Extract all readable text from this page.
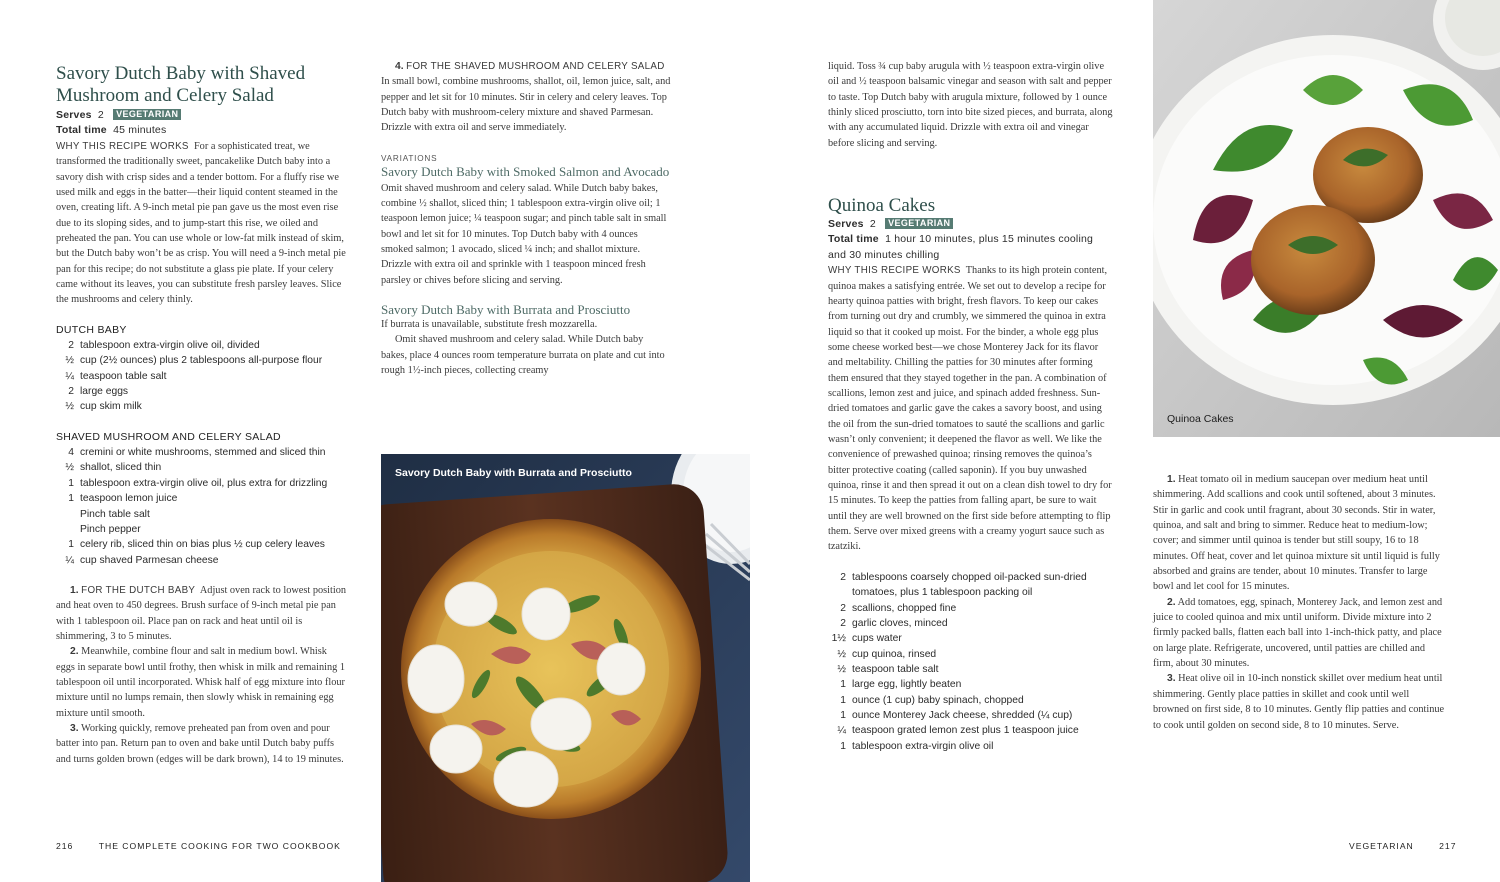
Savory Dutch Baby with Shaved Mushroom and Celery Salad
Serves 2 VEGETARIAN
Total time 45 minutes
WHY THIS RECIPE WORKS For a sophisticated treat, we transformed the traditionally sweet, pancakelike Dutch baby into a savory dish with crisp sides and a tender bottom. For a fluffy rise we used milk and eggs in the batter—their liquid content steamed in the oven, creating lift. A 9-inch metal pie pan gave us the most even rise due to its sloping sides, and to jump-start this rise, we oiled and preheated the pan. You can use whole or low-fat milk instead of skim, but the Dutch baby won’t be as crisp. You will need a 9-inch metal pie pan for this recipe; do not substitute a glass pie plate. If your celery came without its leaves, you can substitute fresh parsley leaves. Slice the mushrooms and celery thinly.
DUTCH BABY
2 tablespoon extra-virgin olive oil, divided
½ cup (2½ ounces) plus 2 tablespoons all-purpose flour
¼ teaspoon table salt
2 large eggs
½ cup skim milk
SHAVED MUSHROOM AND CELERY SALAD
4 cremini or white mushrooms, stemmed and sliced thin
½ shallot, sliced thin
1 tablespoon extra-virgin olive oil, plus extra for drizzling
1 teaspoon lemon juice
Pinch table salt
Pinch pepper
1 celery rib, sliced thin on bias plus ½ cup celery leaves
¼ cup shaved Parmesan cheese
1. FOR THE DUTCH BABY Adjust oven rack to lowest position and heat oven to 450 degrees. Brush surface of 9-inch metal pie pan with 1 tablespoon oil. Place pan on rack and heat until oil is shimmering, 3 to 5 minutes.
2. Meanwhile, combine flour and salt in medium bowl. Whisk eggs in separate bowl until frothy, then whisk in milk and remaining 1 tablespoon oil until incorporated. Whisk half of egg mixture into flour mixture until no lumps remain, then slowly whisk in remaining egg mixture until smooth.
3. Working quickly, remove preheated pan from oven and pour batter into pan. Return pan to oven and bake until Dutch baby puffs and turns golden brown (edges will be dark brown), 14 to 19 minutes.
4. FOR THE SHAVED MUSHROOM AND CELERY SALAD  In small bowl, combine mushrooms, shallot, oil, lemon juice, salt, and pepper and let sit for 10 minutes. Stir in celery and celery leaves. Top Dutch baby with mushroom-celery mixture and shaved Parmesan. Drizzle with extra oil and serve immediately.
VARIATIONS
Savory Dutch Baby with Smoked Salmon and Avocado
Omit shaved mushroom and celery salad. While Dutch baby bakes, combine ½ shallot, sliced thin; 1 tablespoon extra-virgin olive oil; 1 teaspoon lemon juice; ¼ teaspoon sugar; and pinch table salt in small bowl and let sit for 10 minutes. Top Dutch baby with 4 ounces smoked salmon; 1 avocado, sliced ¼ inch; and shallot mixture. Drizzle with extra oil and sprinkle with 1 teaspoon minced fresh parsley or chives before slicing and serving.
Savory Dutch Baby with Burrata and Prosciutto
If burrata is unavailable, substitute fresh mozzarella.
Omit shaved mushroom and celery salad. While Dutch baby bakes, place 4 ounces room temperature burrata on plate and cut into rough 1½-inch pieces, collecting creamy
Savory Dutch Baby with Burrata and Prosciutto
216	THE COMPLETE COOKING FOR TWO COOKBOOK
liquid. Toss ¾ cup baby arugula with ½ teaspoon extra-virgin olive oil and ½ teaspoon balsamic vinegar and season with salt and pepper to taste. Top Dutch baby with arugula mixture, followed by 1 ounce thinly sliced prosciutto, torn into bite sized pieces, and burrata, along with any accumulated liquid. Drizzle with extra oil and vinegar before slicing and serving.
Quinoa Cakes
Serves 2 VEGETARIAN
Total time 1 hour 10 minutes, plus 15 minutes cooling and 30 minutes chilling
WHY THIS RECIPE WORKS Thanks to its high protein content, quinoa makes a satisfying entrée. We set out to develop a recipe for hearty quinoa patties with bright, fresh flavors. To keep our cakes from turning out dry and crumbly, we simmered the quinoa in extra liquid so that it cooked up moist. For the binder, a whole egg plus some cheese worked best—we chose Monterey Jack for its flavor and meltability. Chilling the patties for 30 minutes after forming them ensured that they stayed together in the pan. A combination of scallions, lemon zest and juice, and spinach added freshness. Sun-dried tomatoes and garlic gave the cakes a savory boost, and using the oil from the sun-dried tomatoes to sauté the scallions and garlic wasn’t only convenient; it deepened the flavor as well. We like the convenience of prewashed quinoa; rinsing removes the quinoa’s bitter protective coating (called saponin). If you buy unwashed quinoa, rinse it and then spread it out on a clean dish towel to dry for 15 minutes. To keep the patties from falling apart, be sure to wait until they are well browned on the first side before attempting to flip them. Serve over mixed greens with a creamy yogurt sauce such as tzatziki.
2 tablespoons coarsely chopped oil-packed sun-dried tomatoes, plus 1 tablespoon packing oil
2 scallions, chopped fine
2 garlic cloves, minced
1½ cups water
½ cup quinoa, rinsed
½ teaspoon table salt
1 large egg, lightly beaten
1 ounce (1 cup) baby spinach, chopped
1 ounce Monterey Jack cheese, shredded (¼ cup)
¼ teaspoon grated lemon zest plus 1 teaspoon juice
1 tablespoon extra-virgin olive oil
Quinoa Cakes
1. Heat tomato oil in medium saucepan over medium heat until shimmering. Add scallions and cook until softened, about 3 minutes. Stir in garlic and cook until fragrant, about 30 seconds. Stir in water, quinoa, and salt and bring to simmer. Reduce heat to medium-low; cover; and simmer until quinoa is tender but still soupy, 16 to 18 minutes. Off heat, cover and let quinoa mixture sit until liquid is fully absorbed and grains are tender, about 10 minutes. Transfer to large bowl and let cool for 15 minutes.
2. Add tomatoes, egg, spinach, Monterey Jack, and lemon zest and juice to cooled quinoa and mix until uniform. Divide mixture into 2 firmly packed balls, flatten each ball into 1-inch-thick patty, and place on large plate. Refrigerate, uncovered, until patties are chilled and firm, about 30 minutes.
3. Heat olive oil in 10-inch nonstick skillet over medium heat until shimmering. Gently place patties in skillet and cook until well browned on first side, 8 to 10 minutes. Gently flip patties and continue to cook until golden on second side, 8 to 10 minutes. Serve.
VEGETARIAN	217
